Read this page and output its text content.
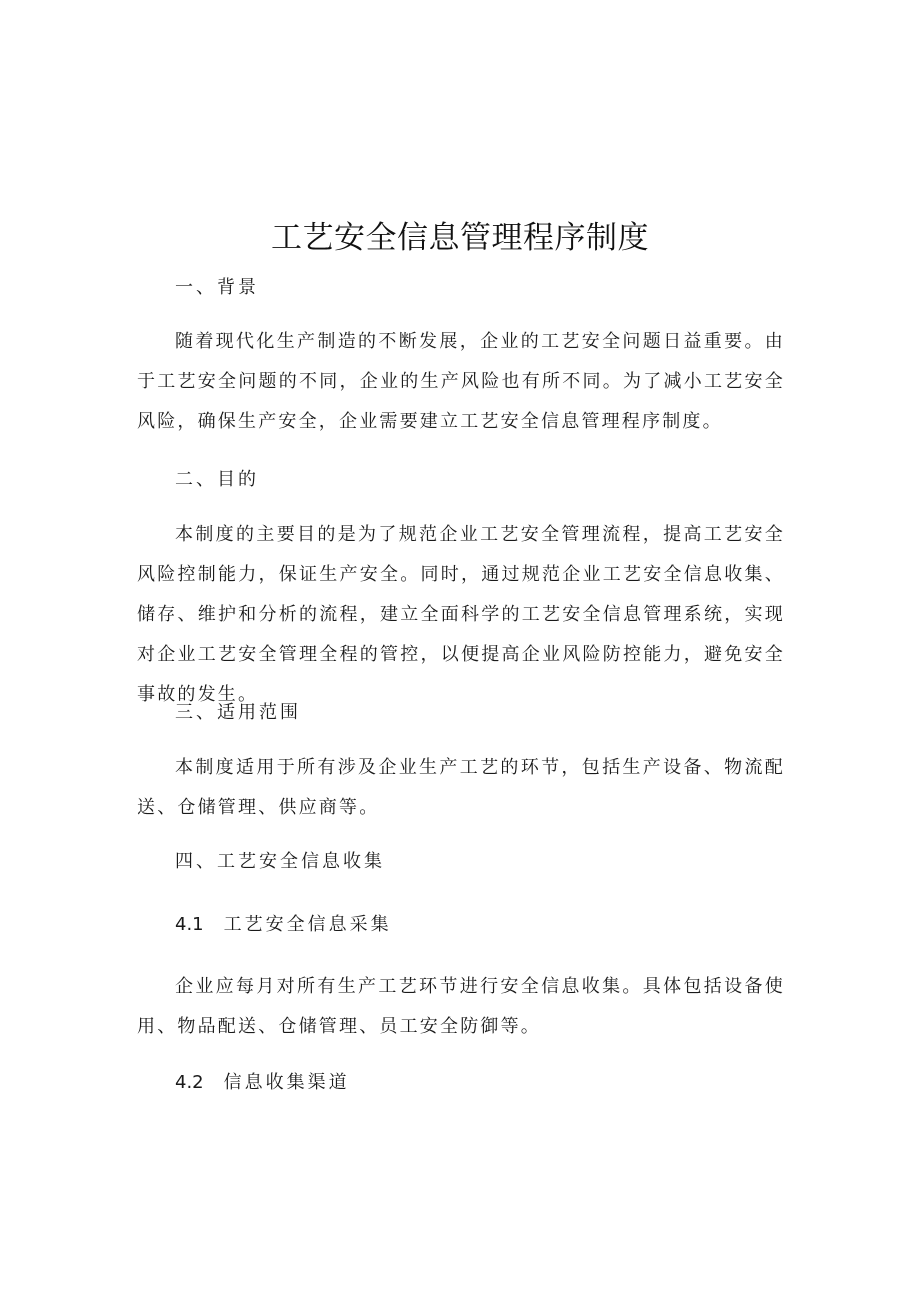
工艺安全信息管理程序制度
一、背景

随着现代化生产制造的不断发展，企业的工艺安全问题日益重要。由于工艺安全问题的不同，企业的生产风险也有所不同。为了减小工艺安全风险，确保生产安全，企业需要建立工艺安全信息管理程序制度。

二、目的

本制度的主要目的是为了规范企业工艺安全管理流程，提高工艺安全风险控制能力，保证生产安全。同时，通过规范企业工艺安全信息收集、储存、维护和分析的流程，建立全面科学的工艺安全信息管理系统，实现对企业工艺安全管理全程的管控，以便提高企业风险防控能力，避免安全事故的发生。

三、适用范围

本制度适用于所有涉及企业生产工艺的环节，包括生产设备、物流配送、仓储管理、供应商等。

四、工艺安全信息收集
4.1 工艺安全信息采集

企业应每月对所有生产工艺环节进行安全信息收集。具体包括设备使用、物品配送、仓储管理、员工安全防御等。

4.2 信息收集渠道
